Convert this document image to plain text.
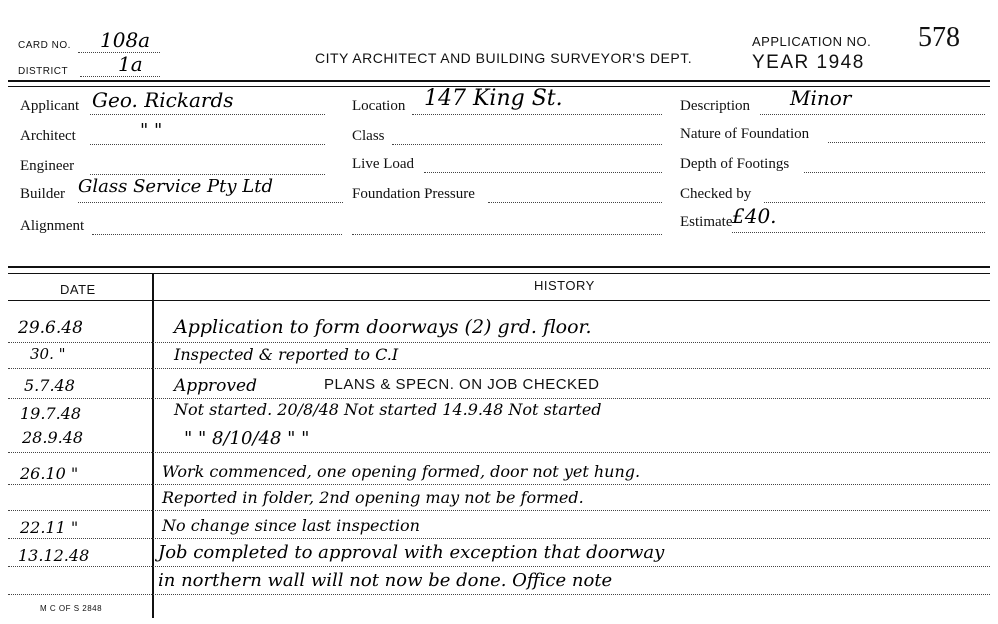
CARD NO. 108a
DISTRICT 1a	CITY ARCHITECT AND BUILDING SURVEYOR'S DEPT.
APPLICATION NO. 578
YEAR 1948
Applicant Geo. Rickards
Architect	" "
Engineer
Builder Glass Service Pty Ltd
Alignment
Location 147 King St.
Class
Live Load
Foundation Pressure
Description Minor
Nature of Foundation
Depth of Footings
Checked by
Estimate £40.
DATE	HISTORY
29.6.48	Application to form doorways (2) grd. floor.
30. "	Inspected & reported to C.I
5.7.48	Approved	PLANS & SPECN. ON JOB CHECKED
19.7.48	Not started. 20/8/48 Not started 14.9.48 Not started
28.9.48	" " 8/10/48 " "
26.10 "	Work commenced, one opening formed, door not yet hung.
Reported in folder, 2nd opening may not be formed.
22.11 "	No change since last inspection
13.12.48	Job completed to approval with exception that doorway
in northern wall will not now be done. Office note
M C OF S 2848
